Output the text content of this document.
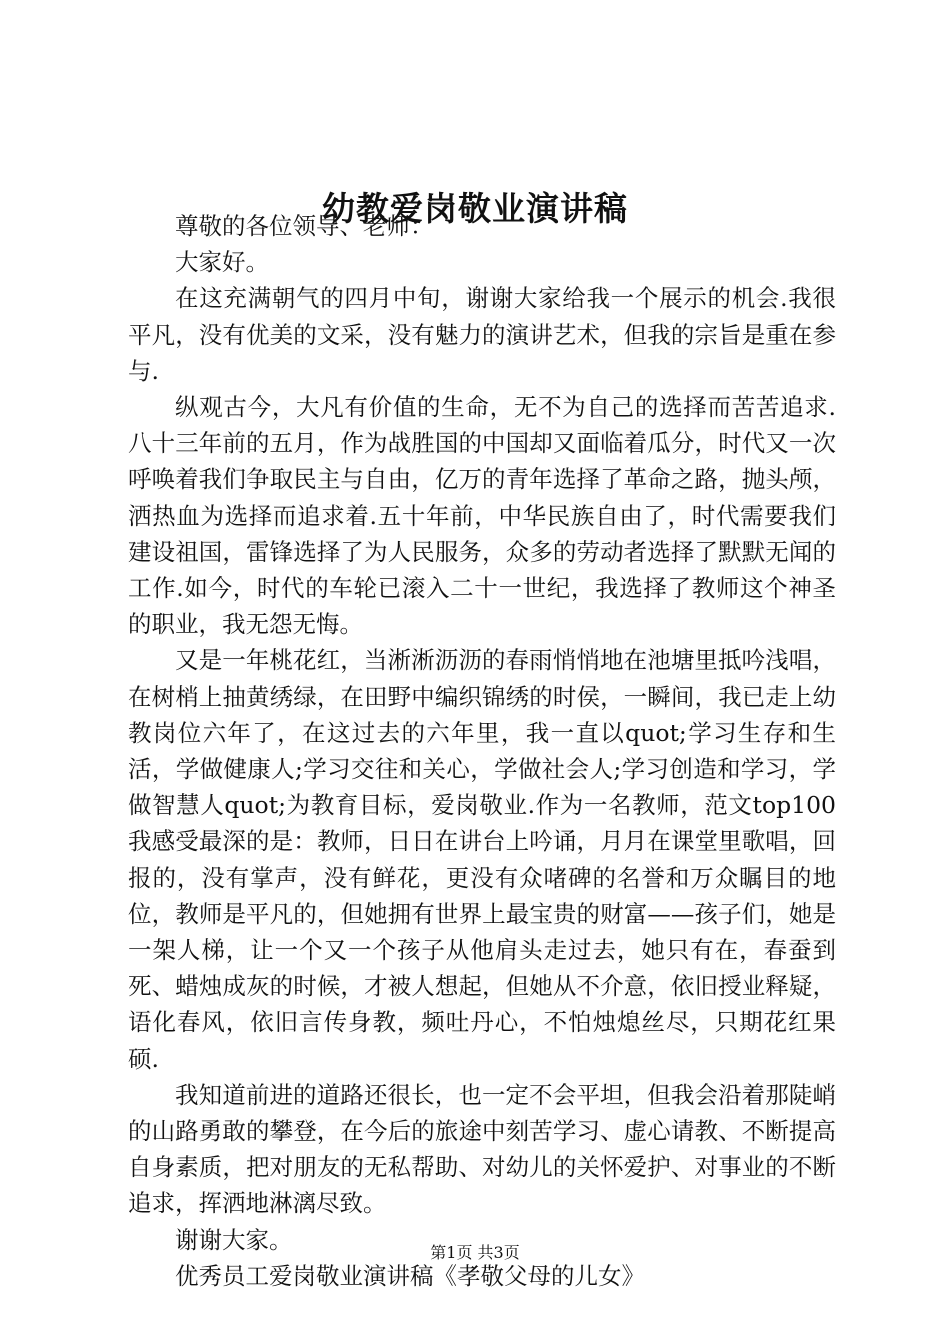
幼教爱岗敬业演讲稿

尊敬的各位领导、老师：

大家好。

在这充满朝气的四月中旬，谢谢大家给我一个展示的机会.我很平凡，没有优美的文采，没有魅力的演讲艺术，但我的宗旨是重在参与.

纵观古今，大凡有价值的生命，无不为自己的选择而苦苦追求.八十三年前的五月，作为战胜国的中国却又面临着瓜分，时代又一次呼唤着我们争取民主与自由，亿万的青年选择了革命之路，抛头颅，洒热血为选择而追求着.五十年前，中华民族自由了，时代需要我们建设祖国，雷锋选择了为人民服务，众多的劳动者选择了默默无闻的工作.如今，时代的车轮已滚入二十一世纪，我选择了教师这个神圣的职业，我无怨无悔。

又是一年桃花红，当淅淅沥沥的春雨悄悄地在池塘里抵吟浅唱，在树梢上抽黄绣绿，在田野中编织锦绣的时侯，一瞬间，我已走上幼教岗位六年了，在这过去的六年里，我一直以quot;学习生存和生活，学做健康人;学习交往和关心，学做社会人;学习创造和学习，学做智慧人quot;为教育目标，爱岗敬业.作为一名教师，范文top100我感受最深的是：教师，日日在讲台上吟诵，月月在课堂里歌唱，回报的，没有掌声，没有鲜花，更没有众啫碑的名誉和万众瞩目的地位，教师是平凡的，但她拥有世界上最宝贵的财富——孩子们，她是一架人梯，让一个又一个孩子从他肩头走过去，她只有在，春蚕到死、蜡烛成灰的时候，才被人想起，但她从不介意，依旧授业释疑，语化春风，依旧言传身教，频吐丹心，不怕烛熄丝尽，只期花红果硕.

我知道前进的道路还很长，也一定不会平坦，但我会沿着那陡峭的山路勇敢的攀登，在今后的旅途中刻苦学习、虚心请教、不断提高自身素质，把对朋友的无私帮助、对幼儿的关怀爱护、对事业的不断追求，挥洒地淋漓尽致。

谢谢大家。

优秀员工爱岗敬业演讲稿《孝敬父母的儿女》

第1页 共3页
